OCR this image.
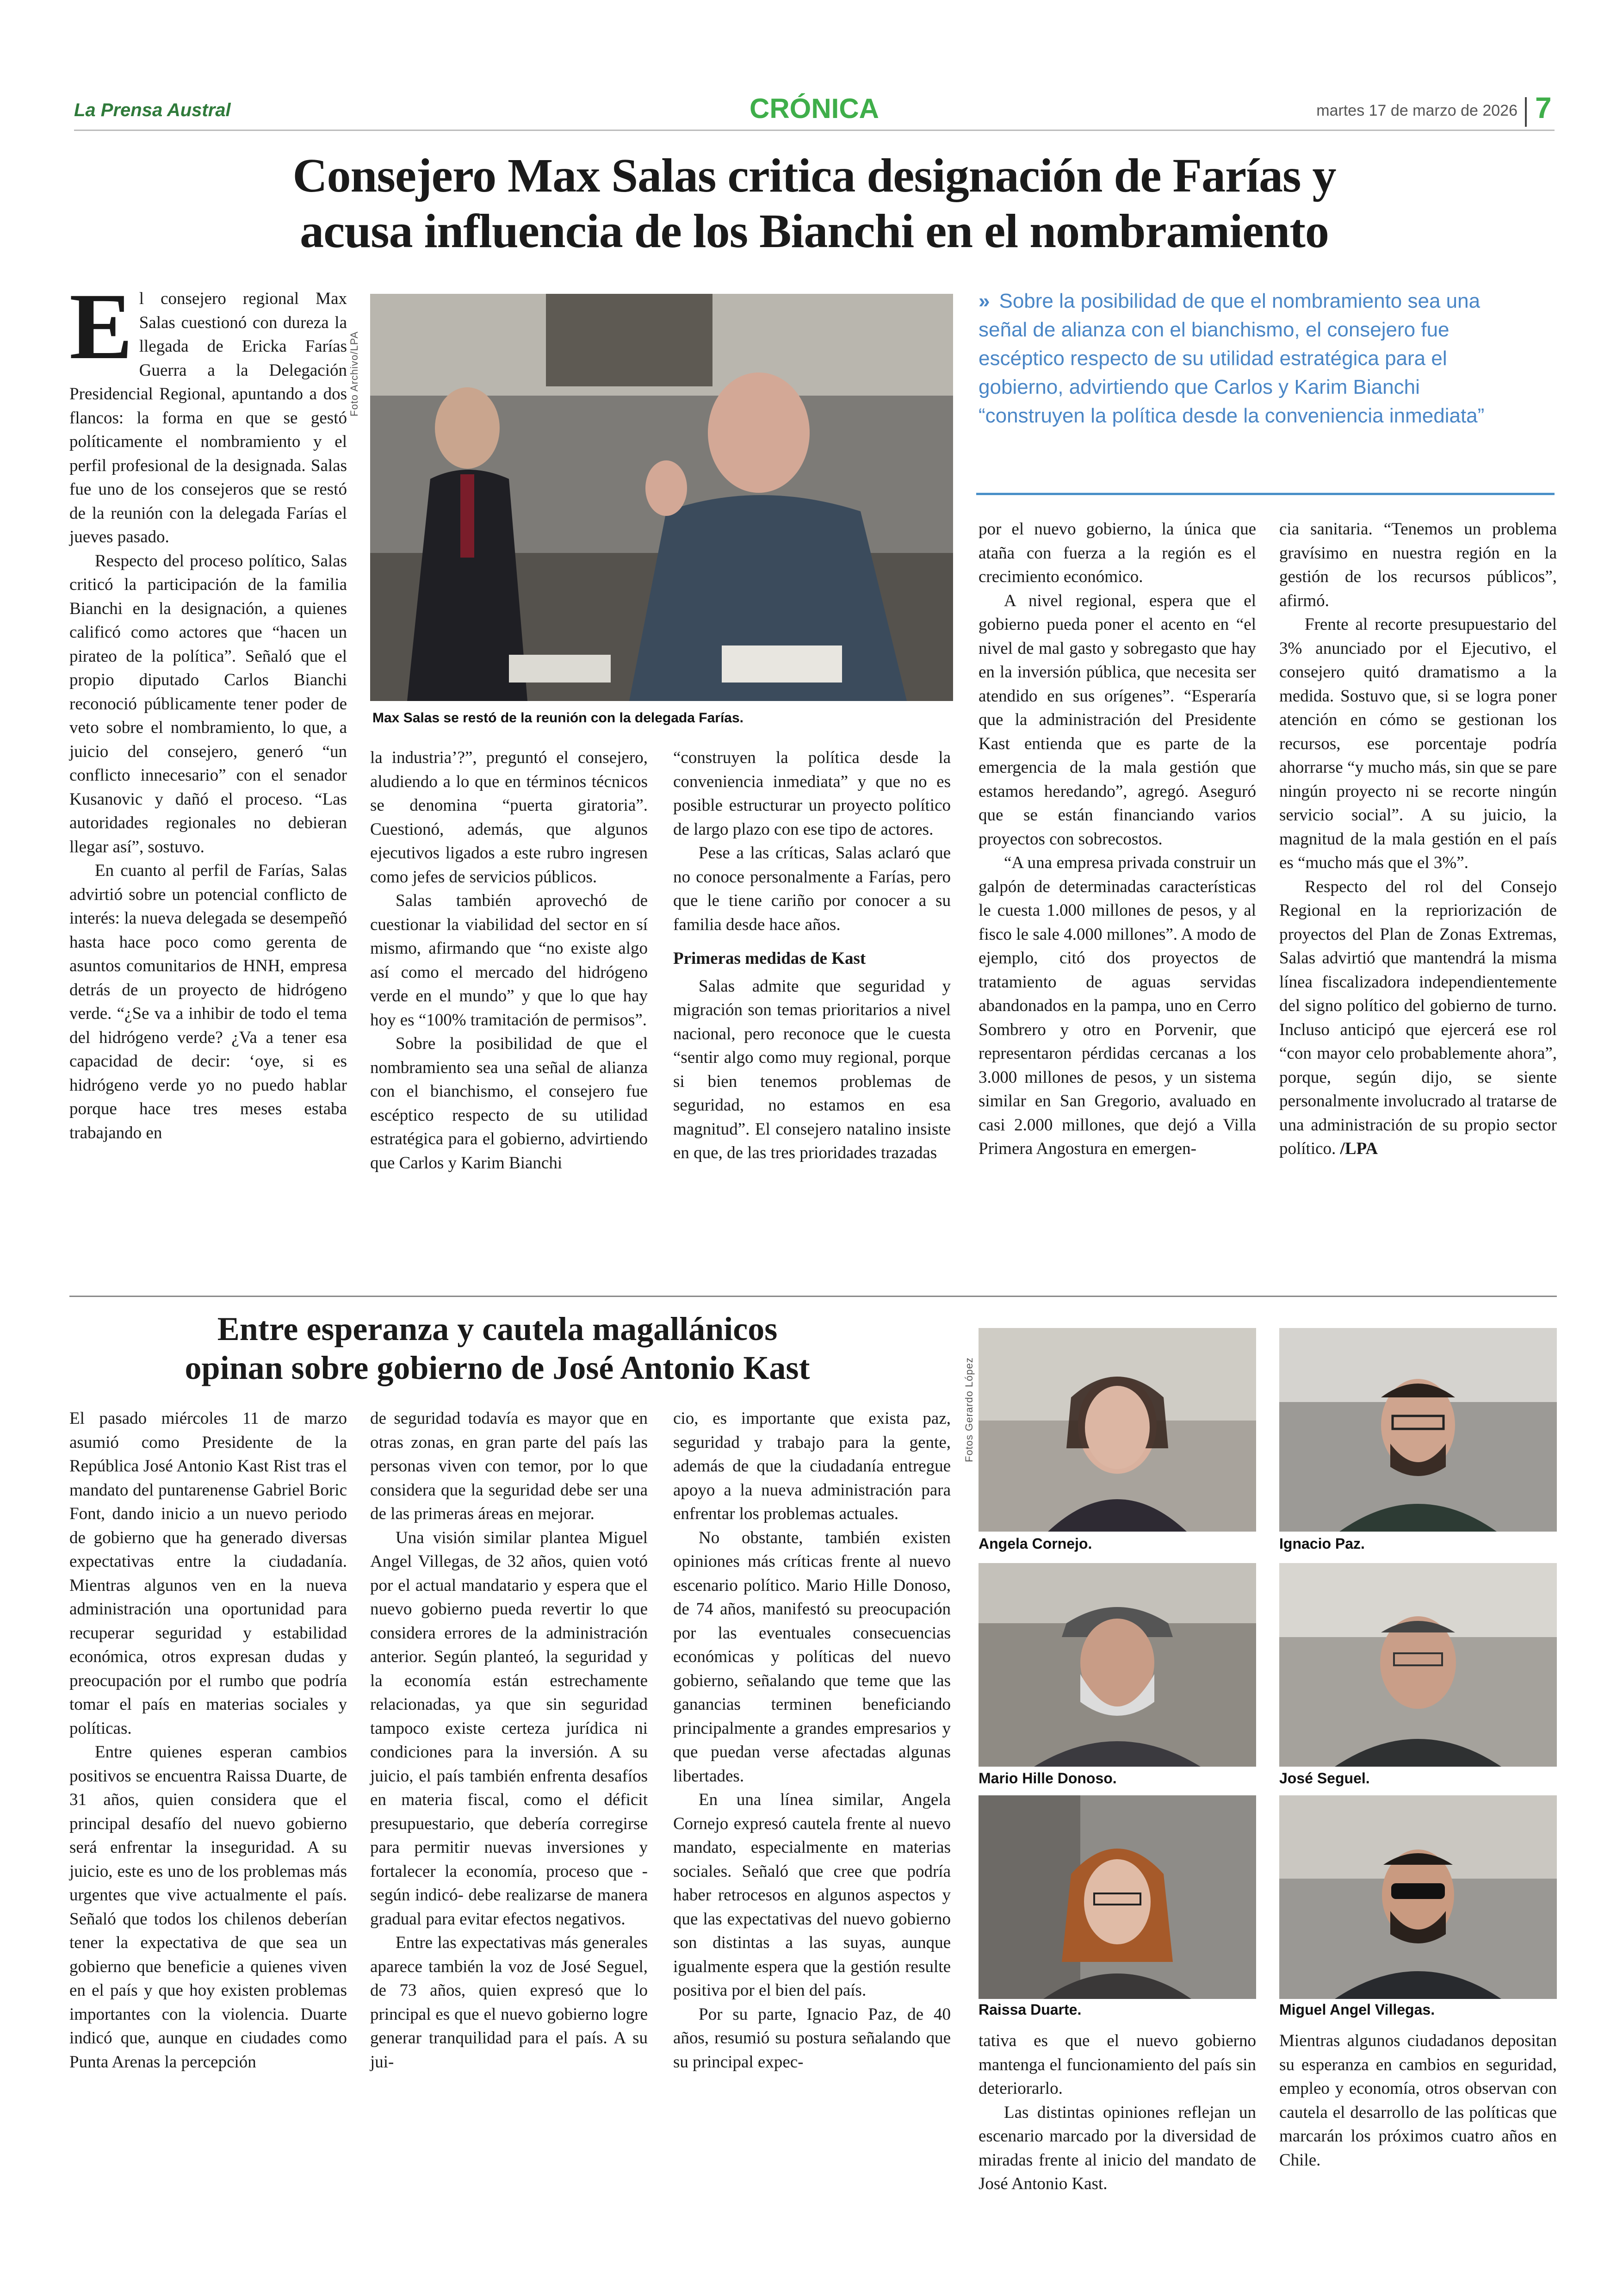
La Prensa Austral	CRÓNICA	martes 17 de marzo de 2026 7
Consejero Max Salas critica designación de Farías y
acusa influencia de los Bianchi en el nombramiento
E l consejero regional Max Salas cuestionó con dureza la llegada de Ericka Farías Guerra a la Delegación Presidencial Regional, apuntando a dos flancos: la forma en que se gestó políticamente el nombramiento y el perfil profesional de la designada. Salas fue uno de los consejeros que se restó de la reunión con la delegada Farías el jueves pasado.

Respecto del proceso político, Salas criticó la participación de la familia Bianchi en la designación, a quienes calificó como actores que “hacen un pirateo de la política”. Señaló que el propio diputado Carlos Bianchi reconoció públicamente tener poder de veto sobre el nombramiento, lo que, a juicio del consejero, generó “un conflicto innecesario” con el senador Kusanovic y dañó el proceso. “Las autoridades regionales no debieran llegar así”, sostuvo.

En cuanto al perfil de Farías, Salas advirtió sobre un potencial conflicto de interés: la nueva delegada se desempeñó hasta hace poco como gerenta de asuntos comunitarios de HNH, empresa detrás de un proyecto de hidrógeno verde. “¿Se va a inhibir de todo el tema del hidrógeno verde? ¿Va a tener esa capacidad de decir: ‘oye, si es hidrógeno verde yo no puedo hablar porque hace tres meses estaba trabajando en

Foto Archivo/LPA
Max Salas se restó de la reunión con la delegada Farías.

la industria’?”, preguntó el consejero, aludiendo a lo que en términos técnicos se denomina “puerta giratoria”. Cuestionó, además, que algunos ejecutivos ligados a este rubro ingresen como jefes de servicios públicos.

Salas también aprovechó de cuestionar la viabilidad del sector en sí mismo, afirmando que “no existe algo así como el mercado del hidrógeno verde en el mundo” y que lo que hay hoy es “100% tramitación de permisos”.

Sobre la posibilidad de que el nombramiento sea una señal de alianza con el bianchismo, el consejero fue escéptico respecto de su utilidad estratégica para el gobierno, advirtiendo que Carlos y Karim Bianchi

“construyen la política desde la conveniencia inmediata” y que no es posible estructurar un proyecto político de largo plazo con ese tipo de actores.

Pese a las críticas, Salas aclaró que no conoce personalmente a Farías, pero que le tiene cariño por conocer a su familia desde hace años.

Primeras medidas de Kast

Salas admite que seguridad y migración son temas prioritarios a nivel nacional, pero reconoce que le cuesta “sentir algo como muy regional, porque si bien tenemos problemas de seguridad, no estamos en esa magnitud”. El consejero natalino insiste en que, de las tres prioridades trazadas

» Sobre la posibilidad de que el nombramiento sea una señal de alianza con el bianchismo, el consejero fue escéptico respecto de su utilidad estratégica para el gobierno, advirtiendo que Carlos y Karim Bianchi “construyen la política desde la conveniencia inmediata”

por el nuevo gobierno, la única que ataña con fuerza a la región es el crecimiento económico.

A nivel regional, espera que el gobierno pueda poner el acento en “el nivel de mal gasto y sobregasto que hay en la inversión pública, que necesita ser atendido en sus orígenes”. “Esperaría que la administración del Presidente Kast entienda que es parte de la emergencia de la mala gestión que estamos heredando”, agregó. Aseguró que se están financiando varios proyectos con sobrecostos.

“A una empresa privada construir un galpón de determinadas características le cuesta 1.000 millones de pesos, y al fisco le sale 4.000 millones”. A modo de ejemplo, citó dos proyectos de tratamiento de aguas servidas abandonados en la pampa, uno en Cerro Sombrero y otro en Porvenir, que representaron pérdidas cercanas a los 3.000 millones de pesos, y un sistema similar en San Gregorio, avaluado en casi 2.000 millones, que dejó a Villa Primera Angostura en emergen-

cia sanitaria. “Tenemos un problema gravísimo en nuestra región en la gestión de los recursos públicos”, afirmó.

Frente al recorte presupuestario del 3% anunciado por el Ejecutivo, el consejero quitó dramatismo a la medida. Sostuvo que, si se logra poner atención en cómo se gestionan los recursos, ese porcentaje podría ahorrarse “y mucho más, sin que se pare ningún proyecto ni se recorte ningún servicio social”. A su juicio, la magnitud de la mala gestión en el país es “mucho más que el 3%”.

Respecto del rol del Consejo Regional en la repriorización de proyectos del Plan de Zonas Extremas, Salas advirtió que mantendrá la misma línea fiscalizadora independientemente del signo político del gobierno de turno. Incluso anticipó que ejercerá ese rol “con mayor celo probablemente ahora”, porque, según dijo, se siente personalmente involucrado al tratarse de una administración de su propio sector político. /LPA

Entre esperanza y cautela magallánicos
opinan sobre gobierno de José Antonio Kast

El pasado miércoles 11 de marzo asumió como Presidente de la República José Antonio Kast Rist tras el mandato del puntarenense Gabriel Boric Font, dando inicio a un nuevo periodo de gobierno que ha generado diversas expectativas entre la ciudadanía. Mientras algunos ven en la nueva administración una oportunidad para recuperar seguridad y estabilidad económica, otros expresan dudas y preocupación por el rumbo que podría tomar el país en materias sociales y políticas.

Entre quienes esperan cambios positivos se encuentra Raissa Duarte, de 31 años, quien considera que el principal desafío del nuevo gobierno será enfrentar la inseguridad. A su juicio, este es uno de los problemas más urgentes que vive actualmente el país. Señaló que todos los chilenos deberían tener la expectativa de que sea un gobierno que beneficie a quienes viven en el país y que hoy existen problemas importantes con la violencia. Duarte indicó que, aunque en ciudades como Punta Arenas la percepción

de seguridad todavía es mayor que en otras zonas, en gran parte del país las personas viven con temor, por lo que considera que la seguridad debe ser una de las primeras áreas en mejorar.

Una visión similar plantea Miguel Angel Villegas, de 32 años, quien votó por el actual mandatario y espera que el nuevo gobierno pueda revertir lo que considera errores de la administración anterior. Según planteó, la seguridad y la economía están estrechamente relacionadas, ya que sin seguridad tampoco existe certeza jurídica ni condiciones para la inversión. A su juicio, el país también enfrenta desafíos en materia fiscal, como el déficit presupuestario, que debería corregirse para permitir nuevas inversiones y fortalecer la economía, proceso que -según indicó- debe realizarse de manera gradual para evitar efectos negativos.

Entre las expectativas más generales aparece también la voz de José Seguel, de 73 años, quien expresó que lo principal es que el nuevo gobierno logre generar tranquilidad para el país. A su jui-

cio, es importante que exista paz, seguridad y trabajo para la gente, además de que la ciudadanía entregue apoyo a la nueva administración para enfrentar los problemas actuales.

No obstante, también existen opiniones más críticas frente al nuevo escenario político. Mario Hille Donoso, de 74 años, manifestó su preocupación por las eventuales consecuencias económicas y políticas del nuevo gobierno, señalando que teme que las ganancias terminen beneficiando principalmente a grandes empresarios y que puedan verse afectadas algunas libertades.

En una línea similar, Angela Cornejo expresó cautela frente al nuevo mandato, especialmente en materias sociales. Señaló que cree que podría haber retrocesos en algunos aspectos y que las expectativas del nuevo gobierno son distintas a las suyas, aunque igualmente espera que la gestión resulte positiva por el bien del país.

Por su parte, Ignacio Paz, de 40 años, resumió su postura señalando que su principal expec-

Fotos Gerardo López
Angela Cornejo.	Ignacio Paz.
Mario Hille Donoso.	José Seguel.
Raissa Duarte.	Miguel Angel Villegas.

tativa es que el nuevo gobierno mantenga el funcionamiento del país sin deteriorarlo.

Las distintas opiniones reflejan un escenario marcado por la diversidad de miradas frente al inicio del mandato de José Antonio Kast.

Mientras algunos ciudadanos depositan su esperanza en cambios en seguridad, empleo y economía, otros observan con cautela el desarrollo de las políticas que marcarán los próximos cuatro años en Chile.
